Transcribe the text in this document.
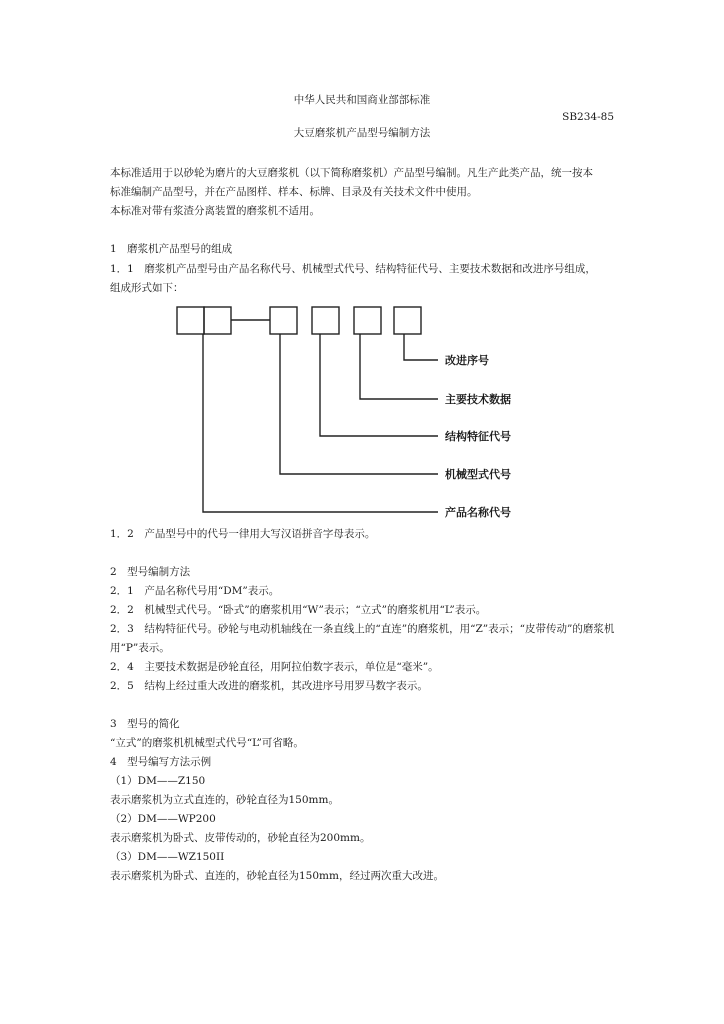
中华人民共和国商业部部标准
SB234-85
大豆磨浆机产品型号编制方法
本标准适用于以砂轮为磨片的大豆磨浆机（以下简称磨浆机）产品型号编制。凡生产此类产品，统一按本
标准编制产品型号，并在产品图样、样本、标牌、目录及有关技术文件中使用。
本标准对带有浆渣分离装置的磨浆机不适用。
1　磨浆机产品型号的组成
1．1　磨浆机产品型号由产品名称代号、机械型式代号、结构特征代号、主要技术数据和改进序号组成，
组成形式如下：
改进序号
主要技术数据
结构特征代号
机械型式代号
产品名称代号
1．2　产品型号中的代号一律用大写汉语拼音字母表示。
2　型号编制方法
2．1　产品名称代号用“DM”表示。
2．2　机械型式代号。“卧式”的磨浆机用“W”表示；“立式”的磨浆机用“L”表示。
2．3　结构特征代号。砂轮与电动机轴线在一条直线上的“直连”的磨浆机，用“Z”表示；“皮带传动”的磨浆机
用“P”表示。
2．4　主要技术数据是砂轮直径，用阿拉伯数字表示，单位是“毫米”。
2．5　结构上经过重大改进的磨浆机，其改进序号用罗马数字表示。
3　型号的简化
“立式”的磨浆机机械型式代号“L”可省略。
4　型号编写方法示例
（1）DM——Z150
表示磨浆机为立式直连的，砂轮直径为150mm。
（2）DM——WP200
表示磨浆机为卧式、皮带传动的，砂轮直径为200mm。
（3）DM——WZ150II
表示磨浆机为卧式、直连的，砂轮直径为150mm，经过两次重大改进。
